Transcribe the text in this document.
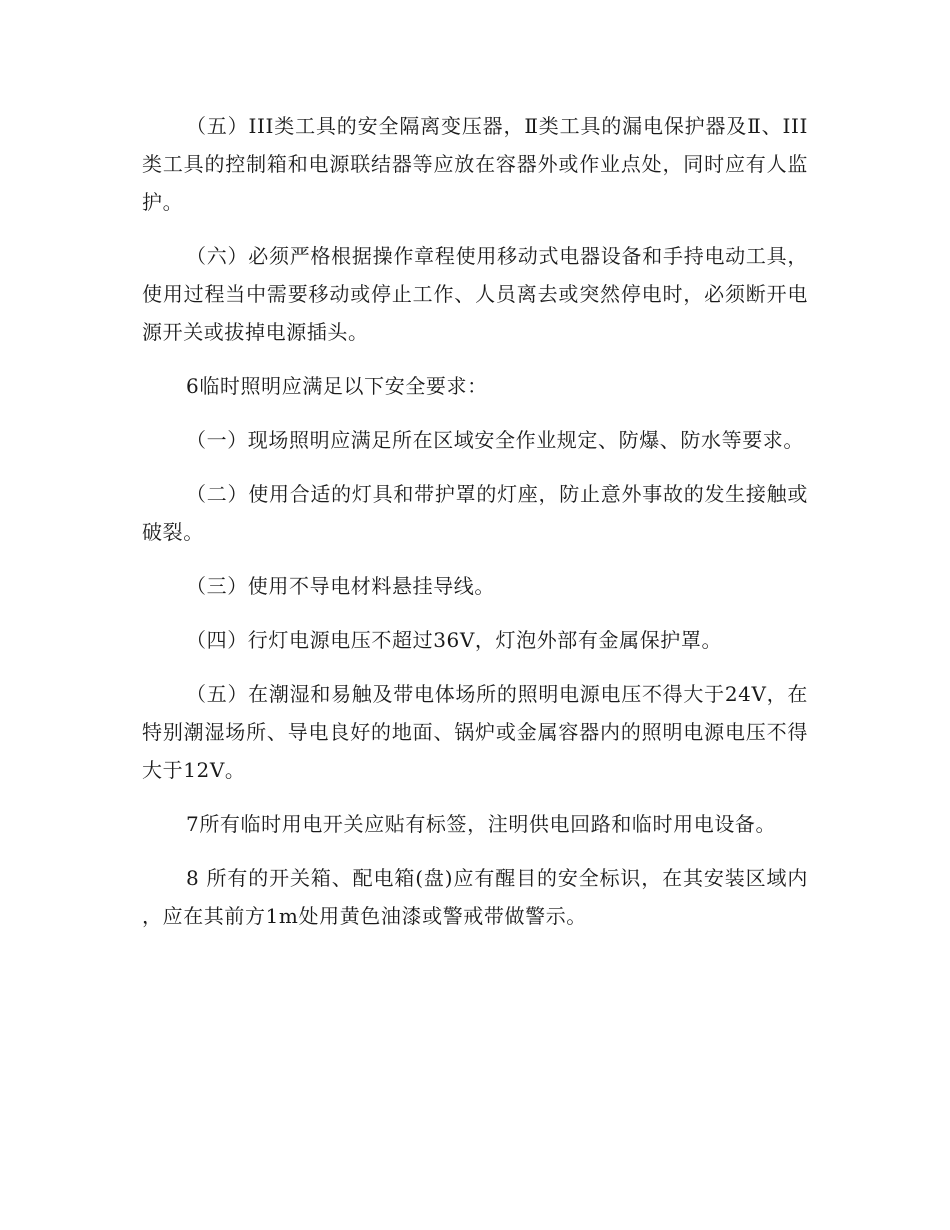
（五）III类工具的安全隔离变压器，Ⅱ类工具的漏电保护器及Ⅱ、III类工具的控制箱和电源联结器等应放在容器外或作业点处，同时应有人监护。

（六）必须严格根据操作章程使用移动式电器设备和手持电动工具，使用过程当中需要移动或停止工作、人员离去或突然停电时，必须断开电源开关或拔掉电源插头。

6临时照明应满足以下安全要求：

（一）现场照明应满足所在区域安全作业规定、防爆、防水等要求。

（二）使用合适的灯具和带护罩的灯座，防止意外事故的发生接触或破裂。

（三）使用不导电材料悬挂导线。

（四）行灯电源电压不超过36V，灯泡外部有金属保护罩。

（五）在潮湿和易触及带电体场所的照明电源电压不得大于24V，在特别潮湿场所、导电良好的地面、锅炉或金属容器内的照明电源电压不得大于12V。

7所有临时用电开关应贴有标签，注明供电回路和临时用电设备。

8 所有的开关箱、配电箱(盘)应有醒目的安全标识，在其安装区域内，应在其前方1m处用黄色油漆或警戒带做警示。
